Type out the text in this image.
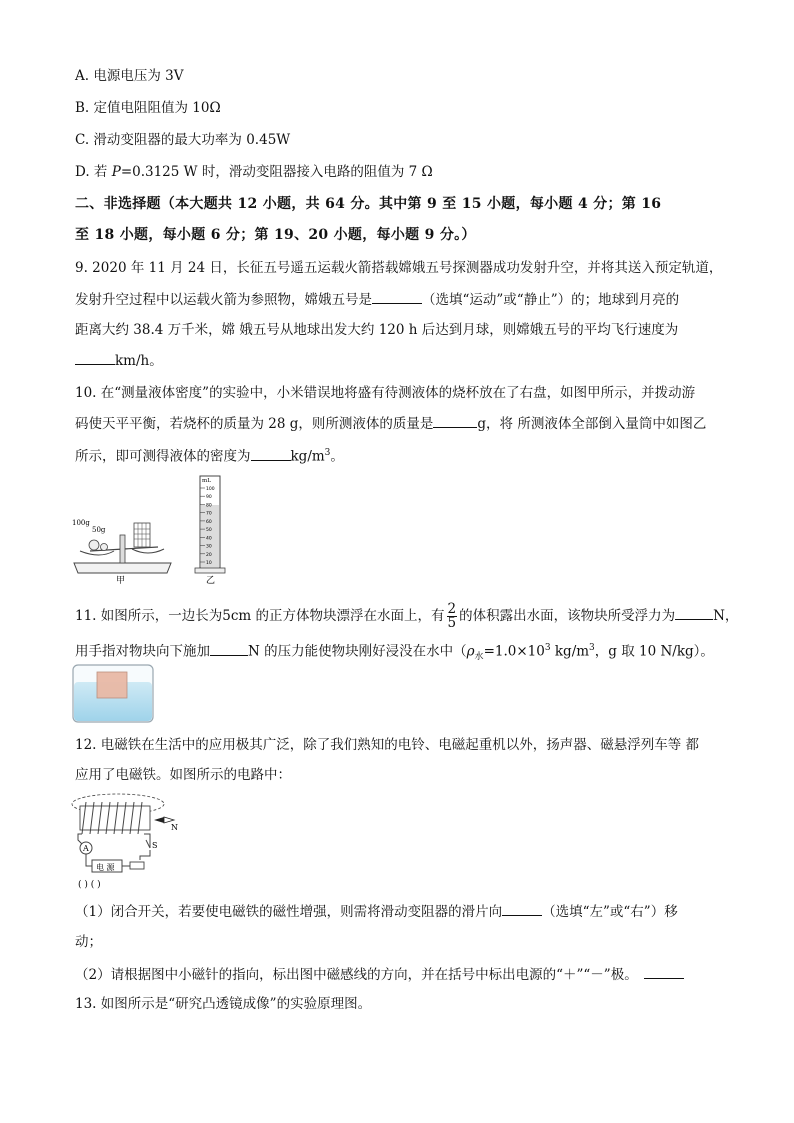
A. 电源电压为 3V
B. 定值电阻阻值为 10Ω
C. 滑动变阻器的最大功率为 0.45W
D. 若 P=0.3125 W 时，滑动变阻器接入电路的阻值为 7 Ω
二、非选择题（本大题共 12 小题，共 64 分。其中第 9 至 15 小题，每小题 4 分；第 16
至 18 小题，每小题 6 分；第 19、20 小题，每小题 9 分。）
9. 2020 年 11 月 24 日，长征五号遥五运载火箭搭载嫦娥五号探测器成功发射升空，并将其送入预定轨道，
发射升空过程中以运载火箭为参照物，嫦娥五号是	（选填“运动”或“静止”）的；地球到月亮的
距离大约 38.4 万千米，嫦 娥五号从地球出发大约 120 h 后达到月球，则嫦娥五号的平均飞行速度为
km/h。
10. 在“测量液体密度”的实验中，小米错误地将盛有待测液体的烧杯放在了右盘，如图甲所示，并拨动游
码使天平平衡，若烧杯的质量为 28 g，则所测液体的质量是	g，将 所测液体全部倒入量筒中如图乙
所示，即可测得液体的密度为	$kg/m^3$。
100g
50g
甲
100
90
80
70
60
50
40
30
20
10
mL
乙
11. 如图所示，一边长为5cm 的正方体物块漂浮在水面上，有 $\frac{2}{5}$ 的体积露出水面，该物块所受浮力为	N，
用手指对物块向下施加	N 的压力能使物块刚好浸没在水中（$\rho_水=1.0\times 10^3$ $kg/m^3$，g 取 10 N/kg）。
12. 电磁铁在生活中的应用极其广泛，除了我们熟知的电铃、电磁起重机以外，扬声器、磁悬浮列车等 都
应用了电磁铁。如图所示的电路中：
A
电 源
S
N
( ) ( )
（1）闭合开关，若要使电磁铁的磁性增强，则需将滑动变阻器的滑片向	（选填“左”或“右”）移
动；
（2）请根据图中小磁针的指向，标出图中磁感线的方向，并在括号中标出电源的“＋”“－”极。
13. 如图所示是“研究凸透镜成像”的实验原理图。
